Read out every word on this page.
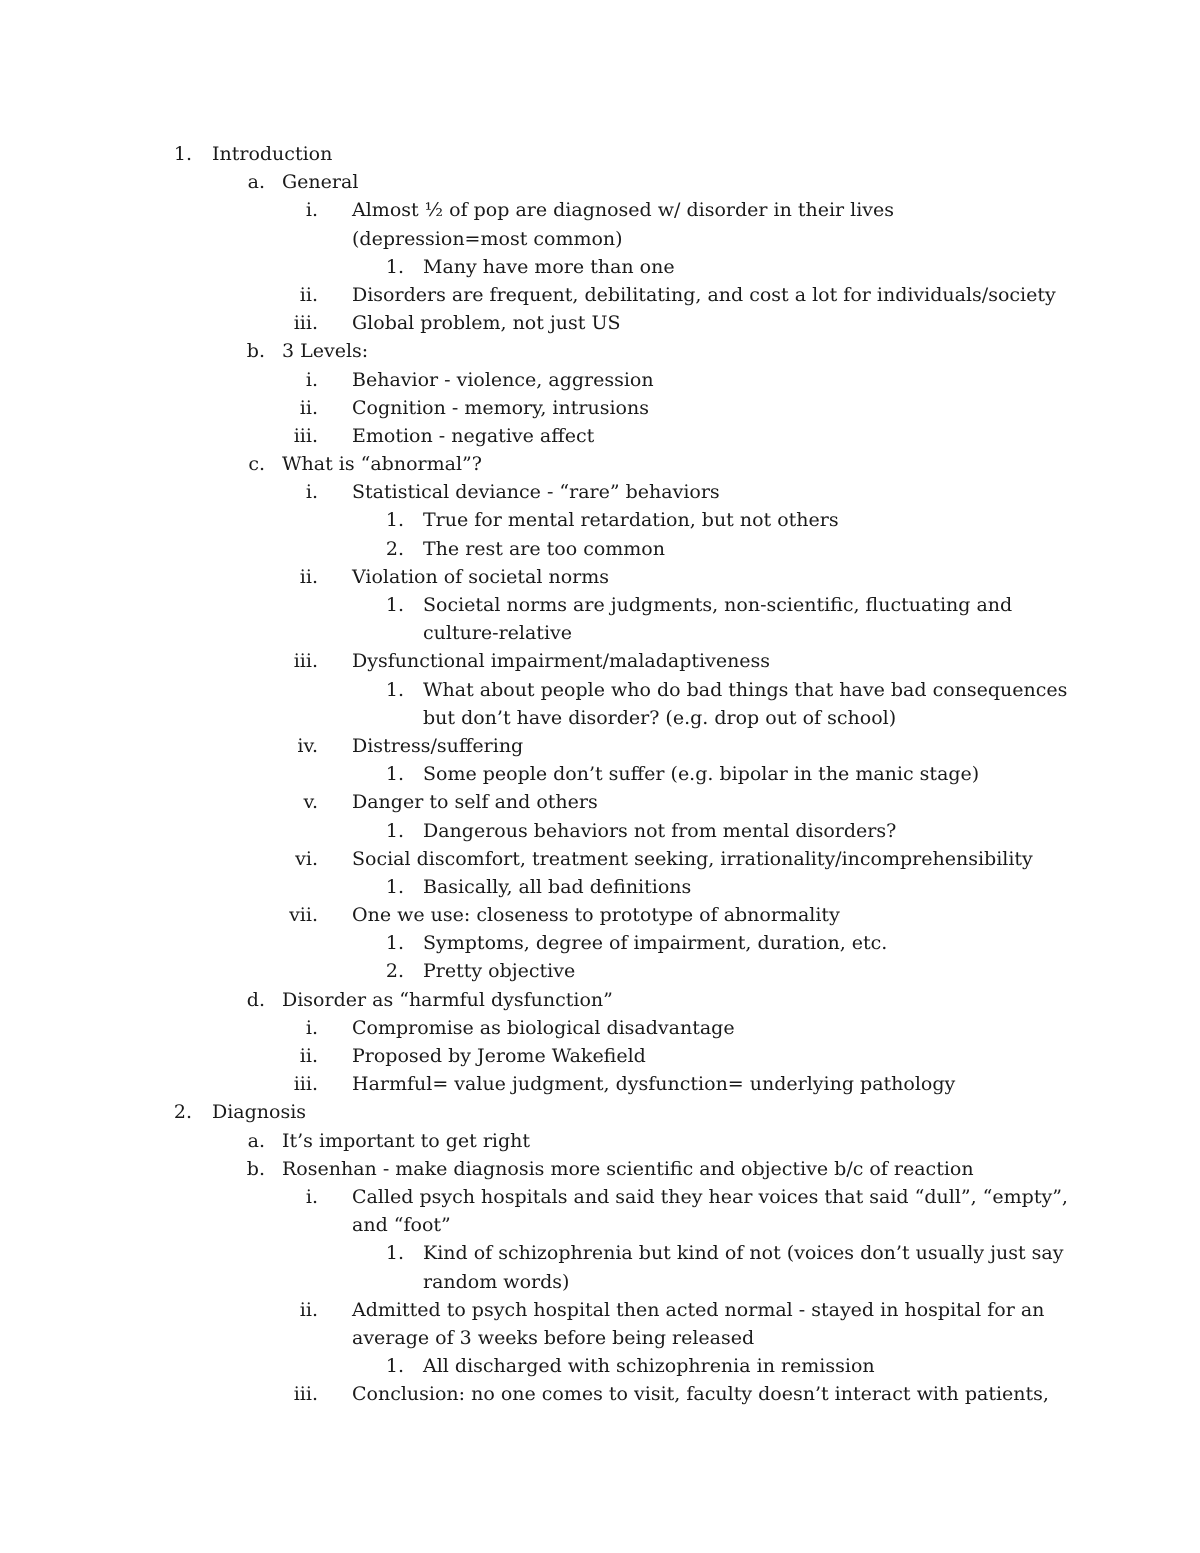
1. Introduction
a. General
i. Almost ½ of pop are diagnosed w/ disorder in their lives
(depression=most common)
1. Many have more than one
ii. Disorders are frequent, debilitating, and cost a lot for individuals/society
iii. Global problem, not just US
b. 3 Levels:
i. Behavior - violence, aggression
ii. Cognition - memory, intrusions
iii. Emotion - negative affect
c. What is “abnormal”?
i. Statistical deviance - “rare” behaviors
1. True for mental retardation, but not others
2. The rest are too common
ii. Violation of societal norms
1. Societal norms are judgments, non-scientific, fluctuating and
culture-relative
iii. Dysfunctional impairment/maladaptiveness
1. What about people who do bad things that have bad consequences
but don’t have disorder? (e.g. drop out of school)
iv. Distress/suffering
1. Some people don’t suffer (e.g. bipolar in the manic stage)
v. Danger to self and others
1. Dangerous behaviors not from mental disorders?
vi. Social discomfort, treatment seeking, irrationality/incomprehensibility
1. Basically, all bad definitions
vii. One we use: closeness to prototype of abnormality
1. Symptoms, degree of impairment, duration, etc.
2. Pretty objective
d. Disorder as “harmful dysfunction”
i. Compromise as biological disadvantage
ii. Proposed by Jerome Wakefield
iii. Harmful= value judgment, dysfunction= underlying pathology
2. Diagnosis
a. It’s important to get right
b. Rosenhan - make diagnosis more scientific and objective b/c of reaction
i. Called psych hospitals and said they hear voices that said “dull”, “empty”,
and “foot”
1. Kind of schizophrenia but kind of not (voices don’t usually just say
random words)
ii. Admitted to psych hospital then acted normal - stayed in hospital for an
average of 3 weeks before being released
1. All discharged with schizophrenia in remission
iii. Conclusion: no one comes to visit, faculty doesn’t interact with patients,
